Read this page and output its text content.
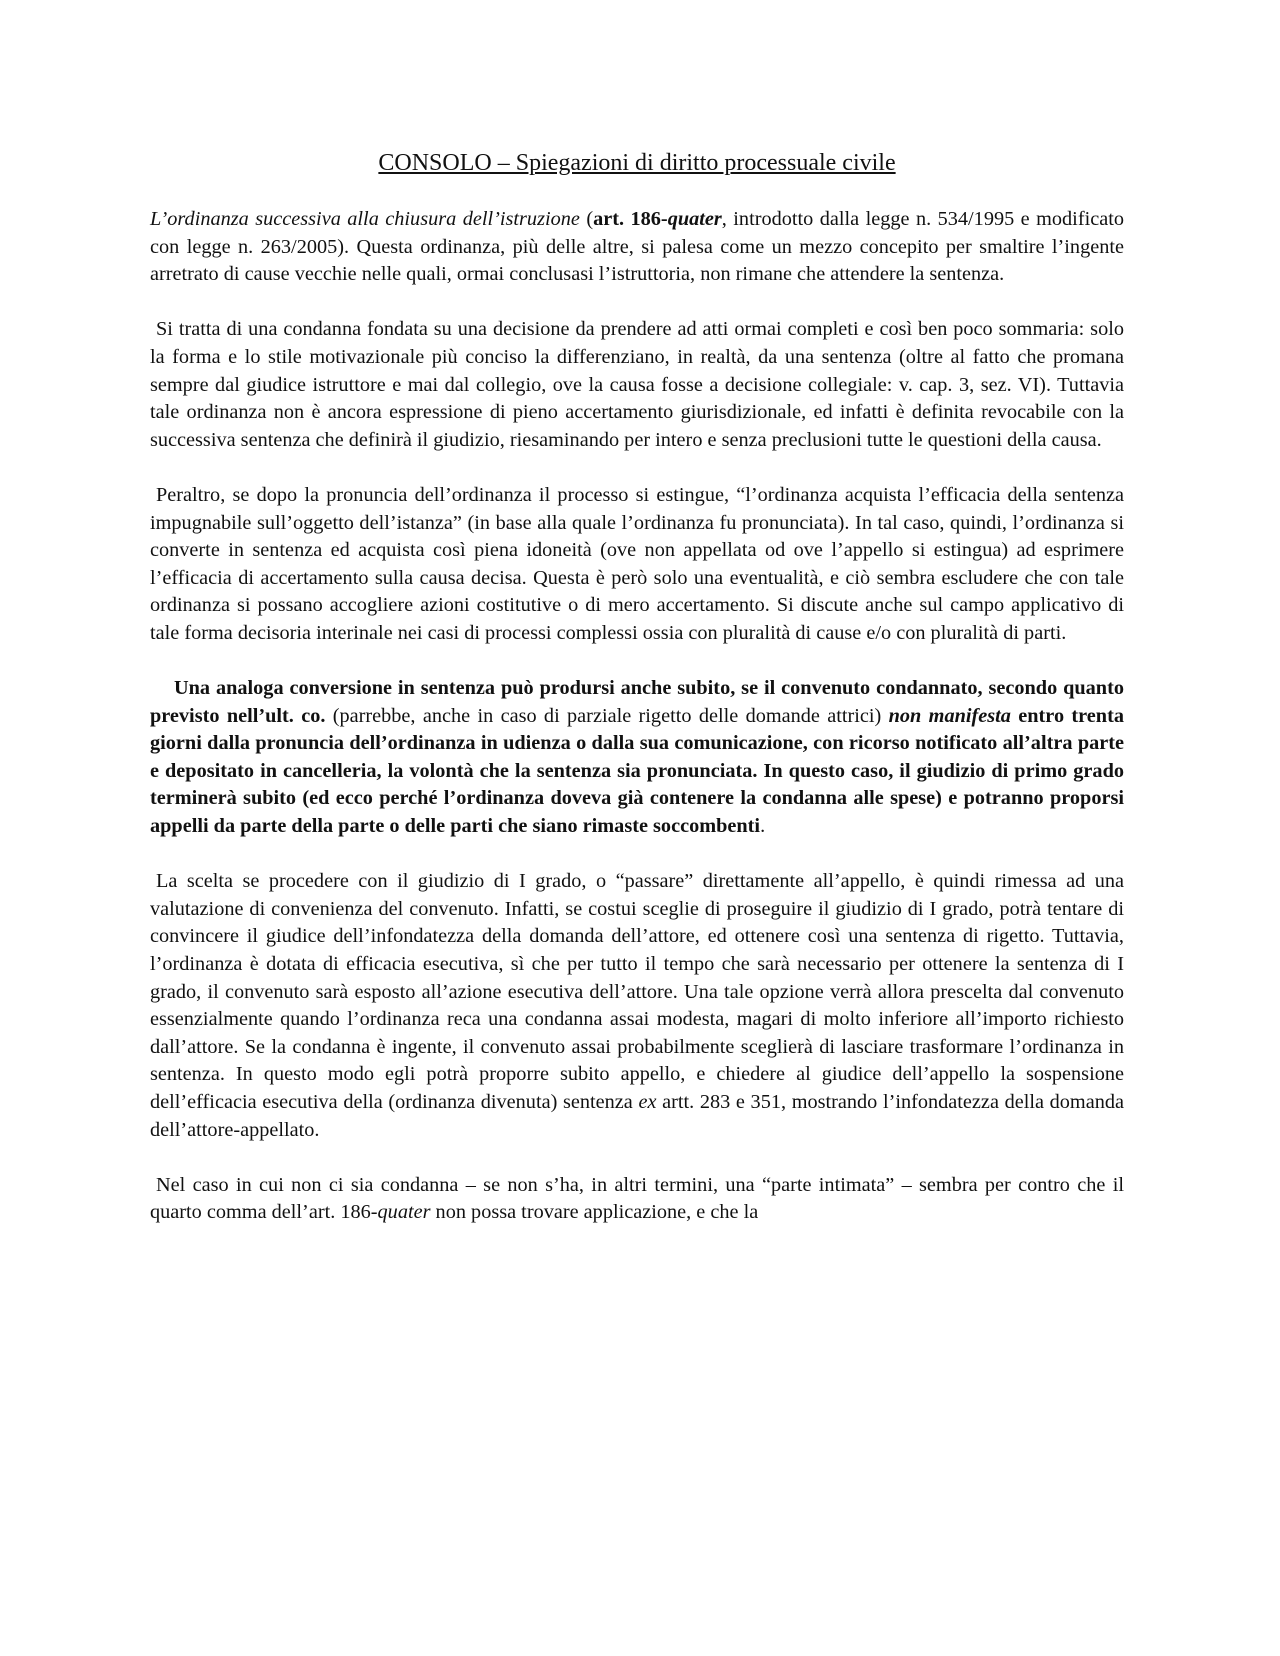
CONSOLO – Spiegazioni di diritto processuale civile

L’ordinanza successiva alla chiusura dell’istruzione (art. 186-quater, introdotto dalla legge n. 534/1995 e modificato con legge n. 263/2005). Questa ordinanza, più delle altre, si palesa come un mezzo concepito per smaltire l’ingente arretrato di cause vecchie nelle quali, ormai conclusasi l’istruttoria, non rimane che attendere la sentenza.

Si tratta di una condanna fondata su una decisione da prendere ad atti ormai completi e così ben poco sommaria: solo la forma e lo stile motivazionale più conciso la differenziano, in realtà, da una sentenza (oltre al fatto che promana sempre dal giudice istruttore e mai dal collegio, ove la causa fosse a decisione collegiale: v. cap. 3, sez. VI). Tuttavia tale ordinanza non è ancora espressione di pieno accertamento giurisdizionale, ed infatti è definita revocabile con la successiva sentenza che definirà il giudizio, riesaminando per intero e senza preclusioni tutte le questioni della causa.

Peraltro, se dopo la pronuncia dell’ordinanza il processo si estingue, “l’ordinanza acquista l’efficacia della sentenza impugnabile sull’oggetto dell’istanza” (in base alla quale l’ordinanza fu pronunciata). In tal caso, quindi, l’ordinanza si converte in sentenza ed acquista così piena idoneità (ove non appellata od ove l’appello si estingua) ad esprimere l’efficacia di accertamento sulla causa decisa. Questa è però solo una eventualità, e ciò sembra escludere che con tale ordinanza si possano accogliere azioni costitutive o di mero accertamento. Si discute anche sul campo applicativo di tale forma decisoria interinale nei casi di processi complessi ossia con pluralità di cause e/o con pluralità di parti.

Una analoga conversione in sentenza può prodursi anche subito, se il convenuto condannato, secondo quanto previsto nell’ult. co. (parrebbe, anche in caso di parziale rigetto delle domande attrici) non manifesta entro trenta giorni dalla pronuncia dell’ordinanza in udienza o dalla sua comunicazione, con ricorso notificato all’altra parte e depositato in cancelleria, la volontà che la sentenza sia pronunciata. In questo caso, il giudizio di primo grado terminerà subito (ed ecco perché l’ordinanza doveva già contenere la condanna alle spese) e potranno proporsi appelli da parte della parte o delle parti che siano rimaste soccombenti.

La scelta se procedere con il giudizio di I grado, o “passare” direttamente all’appello, è quindi rimessa ad una valutazione di convenienza del convenuto. Infatti, se costui sceglie di proseguire il giudizio di I grado, potrà tentare di convincere il giudice dell’infondatezza della domanda dell’attore, ed ottenere così una sentenza di rigetto. Tuttavia, l’ordinanza è dotata di efficacia esecutiva, sì che per tutto il tempo che sarà necessario per ottenere la sentenza di I grado, il convenuto sarà esposto all’azione esecutiva dell’attore. Una tale opzione verrà allora prescelta dal convenuto essenzialmente quando l’ordinanza reca una condanna assai modesta, magari di molto inferiore all’importo richiesto dall’attore. Se la condanna è ingente, il convenuto assai probabilmente sceglierà di lasciare trasformare l’ordinanza in sentenza. In questo modo egli potrà proporre subito appello, e chiedere al giudice dell’appello la sospensione dell’efficacia esecutiva della (ordinanza divenuta) sentenza ex artt. 283 e 351, mostrando l’infondatezza della domanda dell’attore-appellato.

Nel caso in cui non ci sia condanna – se non s’ha, in altri termini, una “parte intimata” – sembra per contro che il quarto comma dell’art. 186-quater non possa trovare applicazione, e che la
